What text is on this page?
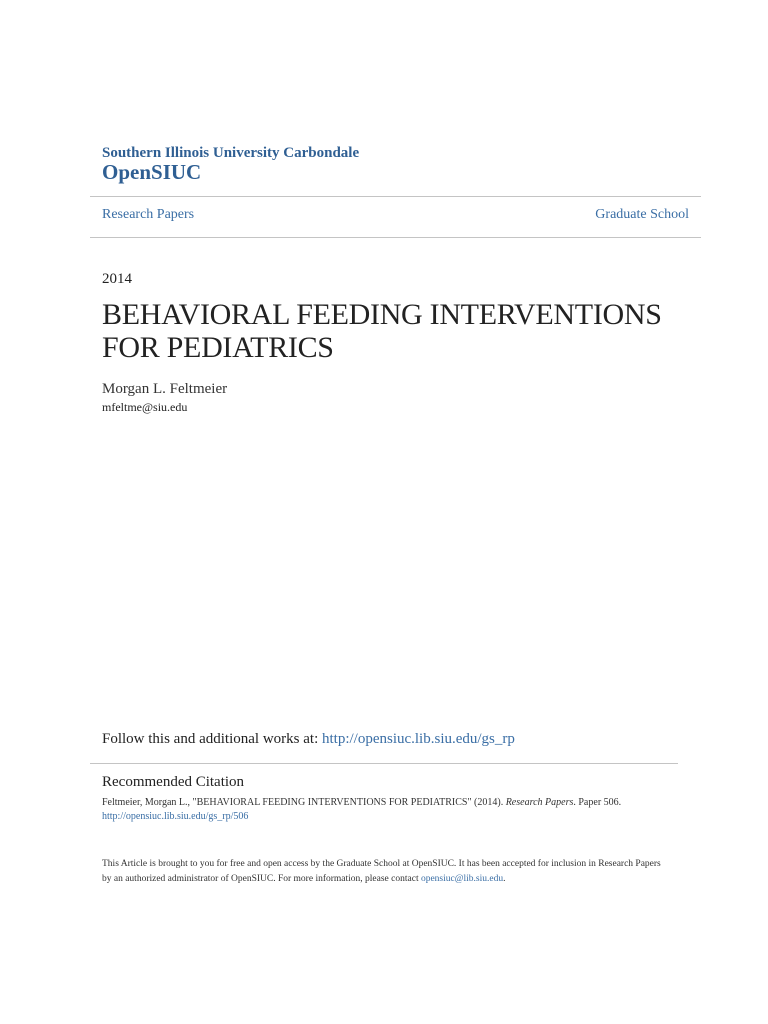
Southern Illinois University Carbondale
OpenSIUC
Research Papers	Graduate School
2014
BEHAVIORAL FEEDING INTERVENTIONS FOR PEDIATRICS
Morgan L. Feltmeier
mfeltme@siu.edu
Follow this and additional works at: http://opensiuc.lib.siu.edu/gs_rp
Recommended Citation
Feltmeier, Morgan L., "BEHAVIORAL FEEDING INTERVENTIONS FOR PEDIATRICS" (2014). Research Papers. Paper 506.
http://opensiuc.lib.siu.edu/gs_rp/506
This Article is brought to you for free and open access by the Graduate School at OpenSIUC. It has been accepted for inclusion in Research Papers by an authorized administrator of OpenSIUC. For more information, please contact opensiuc@lib.siu.edu.
